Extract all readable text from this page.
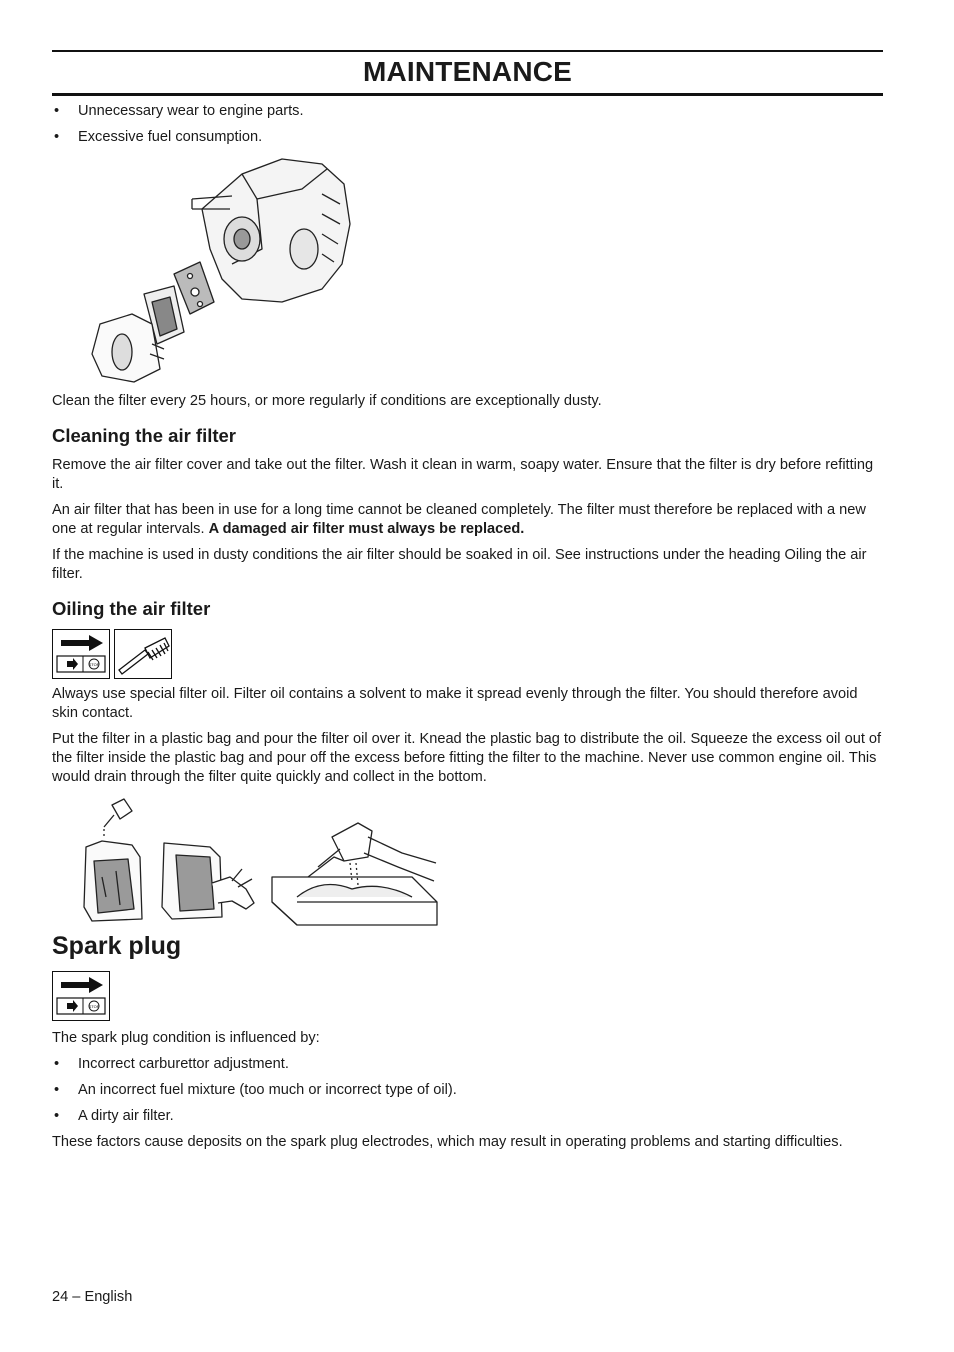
MAINTENANCE
• Unnecessary wear to engine parts.
• Excessive fuel consumption.

Clean the filter every 25 hours, or more regularly if conditions are exceptionally dusty.

Cleaning the air filter

Remove the air filter cover and take out the filter. Wash it clean in warm, soapy water. Ensure that the filter is dry before refitting it.

An air filter that has been in use for a long time cannot be cleaned completely. The filter must therefore be replaced with a new one at regular intervals. A damaged air filter must always be replaced.

If the machine is used in dusty conditions the air filter should be soaked in oil. See instructions under the heading Oiling the air filter.

Oiling the air filter
STOP

Always use special filter oil. Filter oil contains a solvent to make it spread evenly through the filter. You should therefore avoid skin contact.

Put the filter in a plastic bag and pour the filter oil over it. Knead the plastic bag to distribute the oil. Squeeze the excess oil out of the filter inside the plastic bag and pour off the excess before fitting the filter to the machine. Never use common engine oil. This would drain through the filter quite quickly and collect in the bottom.

Spark plug
STOP

The spark plug condition is influenced by:

• Incorrect carburettor adjustment.
• An incorrect fuel mixture (too much or incorrect type of oil).
• A dirty air filter.

These factors cause deposits on the spark plug electrodes, which may result in operating problems and starting difficulties.

24 – English
